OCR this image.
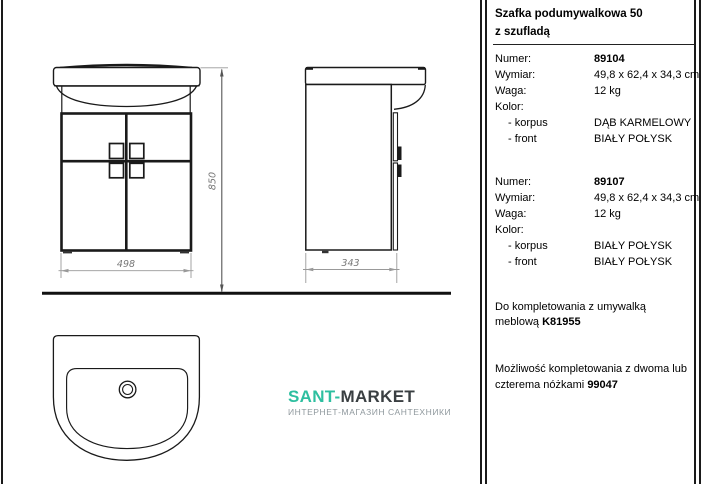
498
850
343
SANT-MARKET
ИНТЕРНЕТ-МАГАЗИН САНТЕХНИКИ
Szafka podumywalkowa 50
z szufladą
Numer:	89104
Wymiar:	49,8 x 62,4 x 34,3 cm
Waga:	12 kg
Kolor:
- korpus	DĄB KARMELOWY
- front	BIAŁY POŁYSK
Numer:	89107
Wymiar:	49,8 x 62,4 x 34,3 cm
Waga:	12 kg
Kolor:
- korpus	BIAŁY POŁYSK
- front	BIAŁY POŁYSK
Do kompletowania z umywalką
meblową K81955
Możliwość kompletowania z dwoma lub
czterema nóżkami 99047
